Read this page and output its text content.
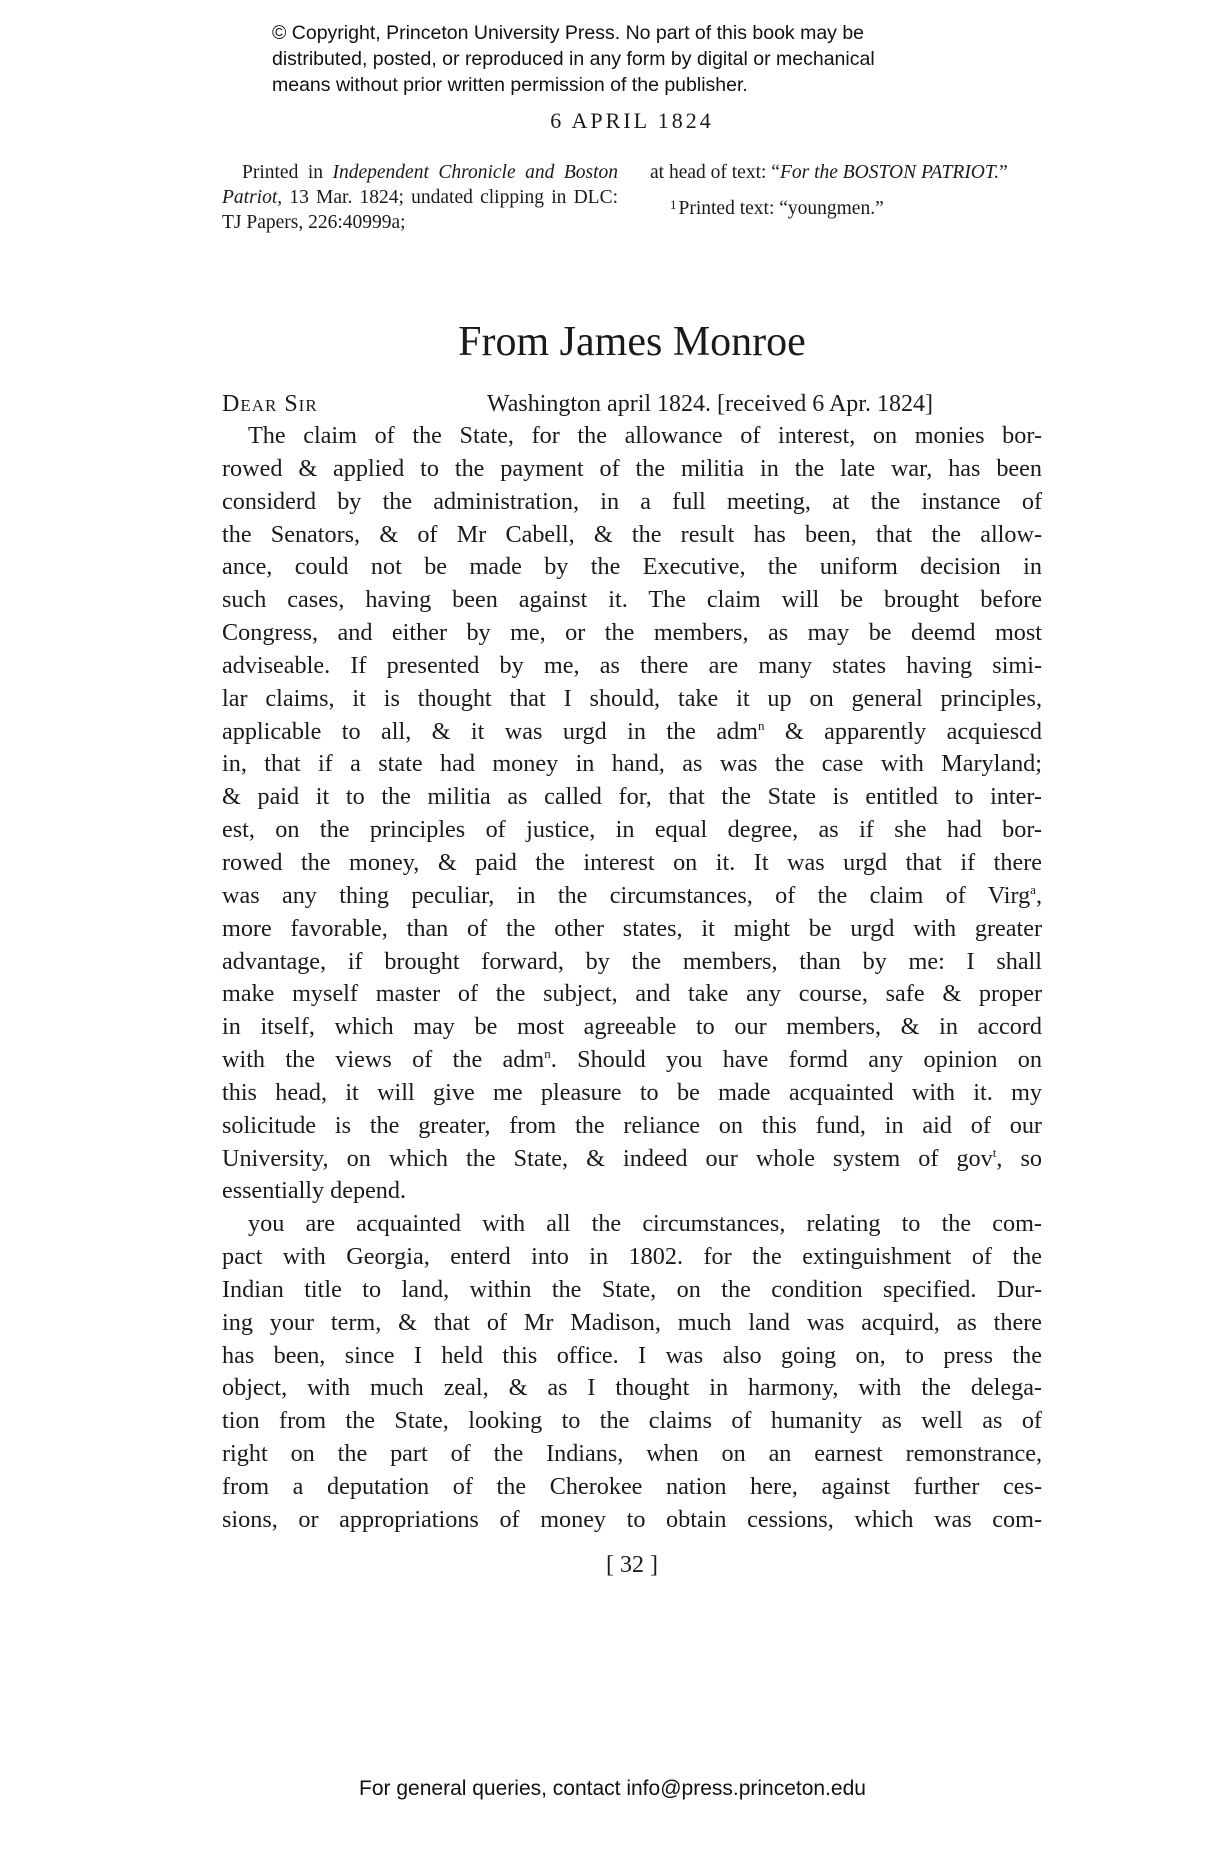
© Copyright, Princeton University Press. No part of this book may be
distributed, posted, or reproduced in any form by digital or mechanical
means without prior written permission of the publisher.
6 APRIL 1824

Printed in Independent Chronicle and Boston Patriot, 13 Mar. 1824; undated clipping in DLC: TJ Papers, 226:40999a;

at head of text: “For the BOSTON PATRIOT.”

$^1$ Printed text: “youngmen.”

From James Monroe
Dear Sir	Washington april 1824. [received 6 Apr. 1824]
The claim of the State, for the allowance of interest, on monies bor-
rowed & applied to the payment of the militia in the late war, has been
considerd by the administration, in a full meeting, at the instance of
the Senators, & of Mr Cabell, & the result has been, that the allow-
ance, could not be made by the Executive, the uniform decision in
such cases, having been against it. The claim will be brought before
Congress, and either by me, or the members, as may be deemd most
adviseable. If presented by me, as there are many states having simi-
lar claims, it is thought that I should, take it up on general principles,
applicable to all, & it was urgd in the adm$^n$ & apparently acquiescd
in, that if a state had money in hand, as was the case with Maryland;
& paid it to the militia as called for, that the State is entitled to inter-
est, on the principles of justice, in equal degree, as if she had bor-
rowed the money, & paid the interest on it. It was urgd that if there
was any thing peculiar, in the circumstances, of the claim of Virg$^a$,
more favorable, than of the other states, it might be urgd with greater
advantage, if brought forward, by the members, than by me: I shall
make myself master of the subject, and take any course, safe & proper
in itself, which may be most agreeable to our members, & in accord
with the views of the adm$^n$. Should you have formd any opinion on
this head, it will give me pleasure to be made acquainted with it. my
solicitude is the greater, from the reliance on this fund, in aid of our
University, on which the State, & indeed our whole system of gov$^t$, so
essentially depend.
you are acquainted with all the circumstances, relating to the com-
pact with Georgia, enterd into in 1802. for the extinguishment of the
Indian title to land, within the State, on the condition specified. Dur-
ing your term, & that of Mr Madison, much land was acquird, as there
has been, since I held this office. I was also going on, to press the
object, with much zeal, & as I thought in harmony, with the delega-
tion from the State, looking to the claims of humanity as well as of
right on the part of the Indians, when on an earnest remonstrance,
from a deputation of the Cherokee nation here, against further ces-
sions, or appropriations of money to obtain cessions, which was com-
[ 32 ]
For general queries, contact info@press.princeton.edu
